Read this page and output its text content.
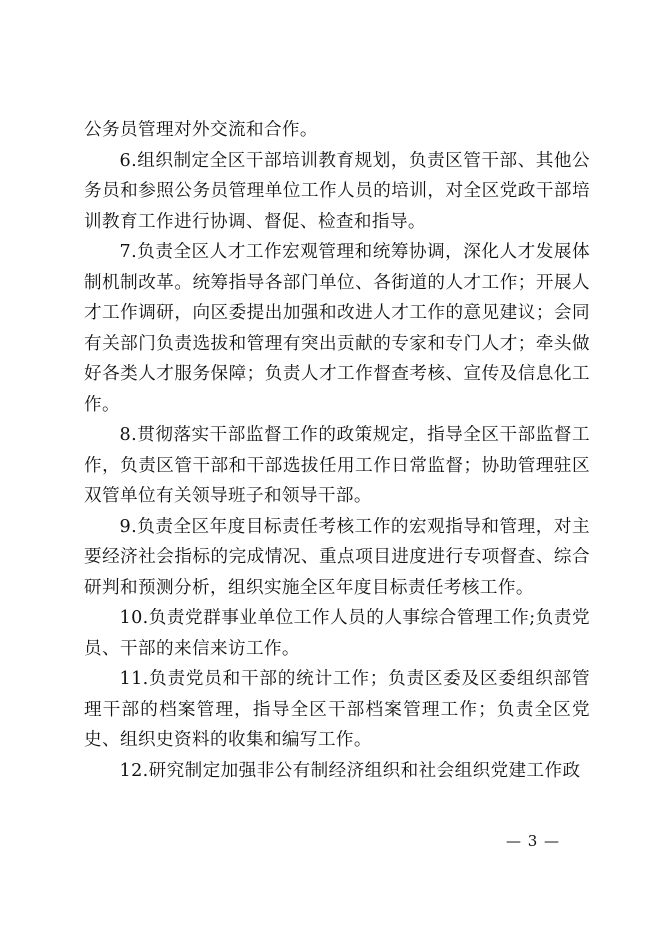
公务员管理对外交流和合作。

6.组织制定全区干部培训教育规划，负责区管干部、其他公务员和参照公务员管理单位工作人员的培训，对全区党政干部培训教育工作进行协调、督促、检查和指导。

7.负责全区人才工作宏观管理和统筹协调，深化人才发展体制机制改革。统筹指导各部门单位、各街道的人才工作；开展人才工作调研，向区委提出加强和改进人才工作的意见建议；会同有关部门负责选拔和管理有突出贡献的专家和专门人才；牵头做好各类人才服务保障；负责人才工作督查考核、宣传及信息化工作。

8.贯彻落实干部监督工作的政策规定，指导全区干部监督工作，负责区管干部和干部选拔任用工作日常监督；协助管理驻区双管单位有关领导班子和领导干部。

9.负责全区年度目标责任考核工作的宏观指导和管理，对主要经济社会指标的完成情况、重点项目进度进行专项督查、综合研判和预测分析，组织实施全区年度目标责任考核工作。

10.负责党群事业单位工作人员的人事综合管理工作;负责党员、干部的来信来访工作。

11.负责党员和干部的统计工作；负责区委及区委组织部管理干部的档案管理，指导全区干部档案管理工作；负责全区党史、组织史资料的收集和编写工作。

12.研究制定加强非公有制经济组织和社会组织党建工作政

— 3 —
